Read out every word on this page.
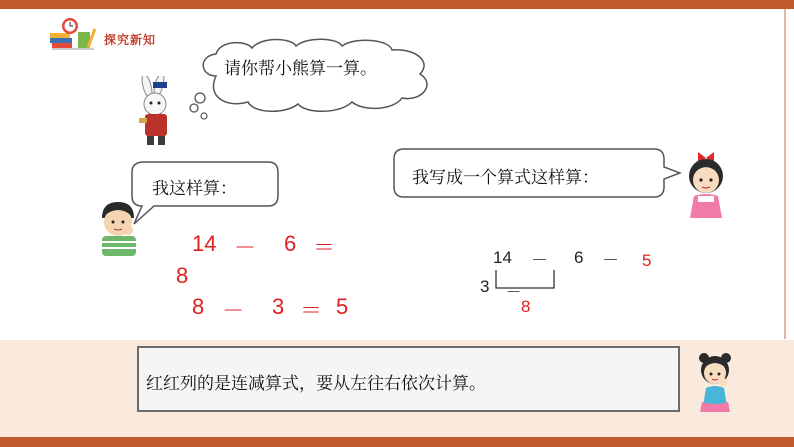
探究新知
请你帮小熊算一算。
我这样算：
我写成一个算式这样算：
14 － 6 ＝
8
8 － 3 ＝ 5
14 － 6 － 5
3 ＝
8
红红列的是连减算式，要从左往右依次计算。
